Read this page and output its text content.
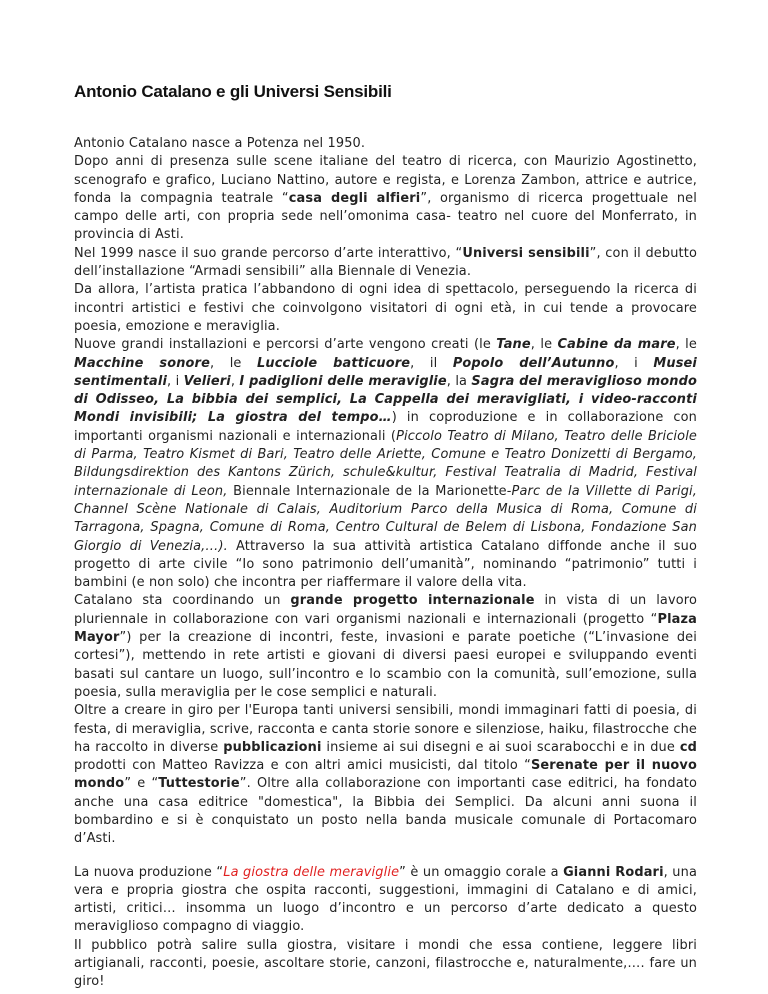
Antonio Catalano e gli Universi Sensibili

Antonio Catalano nasce a Potenza nel 1950.

Dopo anni di presenza sulle scene italiane del teatro di ricerca, con Maurizio Agostinetto, scenografo e grafico, Luciano Nattino, autore e regista, e Lorenza Zambon, attrice e autrice, fonda la compagnia teatrale “casa degli alfieri”, organismo di ricerca progettuale nel campo delle arti, con propria sede nell’omonima casa- teatro nel cuore del Monferrato, in provincia di Asti.

Nel 1999 nasce il suo grande percorso d’arte interattivo, “Universi sensibili”, con il debutto dell’installazione “Armadi sensibili” alla Biennale di Venezia.

Da allora, l’artista pratica l’abbandono di ogni idea di spettacolo, perseguendo la ricerca di incontri artistici e festivi che coinvolgono visitatori di ogni età, in cui tende a provocare poesia, emozione e meraviglia.

Nuove grandi installazioni e percorsi d’arte vengono creati (le Tane, le Cabine da mare, le Macchine sonore, le Lucciole batticuore, il Popolo dell’Autunno, i Musei sentimentali, i Velieri, I padiglioni delle meraviglie, la Sagra del meraviglioso mondo di Odisseo, La bibbia dei semplici, La Cappella dei meravigliati, i video-racconti Mondi invisibili; La giostra del tempo…) in coproduzione e in collaborazione con importanti organismi nazionali e internazionali (Piccolo Teatro di Milano, Teatro delle Briciole di Parma, Teatro Kismet di Bari, Teatro delle Ariette, Comune e Teatro Donizetti di Bergamo, Bildungsdirektion des Kantons Zürich, schule&kultur, Festival Teatralia di Madrid, Festival internazionale di Leon, Biennale Internazionale de la Marionette-Parc de la Villette di Parigi, Channel Scène Nationale di Calais, Auditorium Parco della Musica di Roma, Comune di Tarragona, Spagna, Comune di Roma, Centro Cultural de Belem di Lisbona, Fondazione San Giorgio di Venezia,…). Attraverso la sua attività artistica Catalano diffonde anche il suo progetto di arte civile “Io sono patrimonio dell’umanità”, nominando “patrimonio” tutti i bambini (e non solo) che incontra per riaffermare il valore della vita.

Catalano sta coordinando un grande progetto internazionale in vista di un lavoro pluriennale in collaborazione con vari organismi nazionali e internazionali (progetto “Plaza Mayor”) per la creazione di incontri, feste, invasioni e parate poetiche (“L’invasione dei cortesi”), mettendo in rete artisti e giovani di diversi paesi europei e sviluppando eventi basati sul cantare un luogo, sull’incontro e lo scambio con la comunità, sull’emozione, sulla poesia, sulla meraviglia per le cose semplici e naturali.

Oltre a creare in giro per l'Europa tanti universi sensibili, mondi immaginari fatti di poesia, di festa, di meraviglia, scrive, racconta e canta storie sonore e silenziose, haiku, filastrocche che ha raccolto in diverse pubblicazioni insieme ai sui disegni e ai suoi scarabocchi e in due cd prodotti con Matteo Ravizza e con altri amici musicisti, dal titolo “Serenate per il nuovo mondo” e “Tuttestorie”. Oltre alla collaborazione con importanti case editrici, ha fondato anche una casa editrice "domestica", la Bibbia dei Semplici. Da alcuni anni suona il bombardino e si è conquistato un posto nella banda musicale comunale di Portacomaro d’Asti.

La nuova produzione “La giostra delle meraviglie” è un omaggio corale a Gianni Rodari, una vera e propria giostra che ospita racconti, suggestioni, immagini di Catalano e di amici, artisti, critici… insomma un luogo d’incontro e un percorso d’arte dedicato a questo meraviglioso compagno di viaggio.

Il pubblico potrà salire sulla giostra, visitare i mondi che essa contiene, leggere libri artigianali, racconti, poesie, ascoltare storie, canzoni, filastrocche e, naturalmente,…. fare un giro!
